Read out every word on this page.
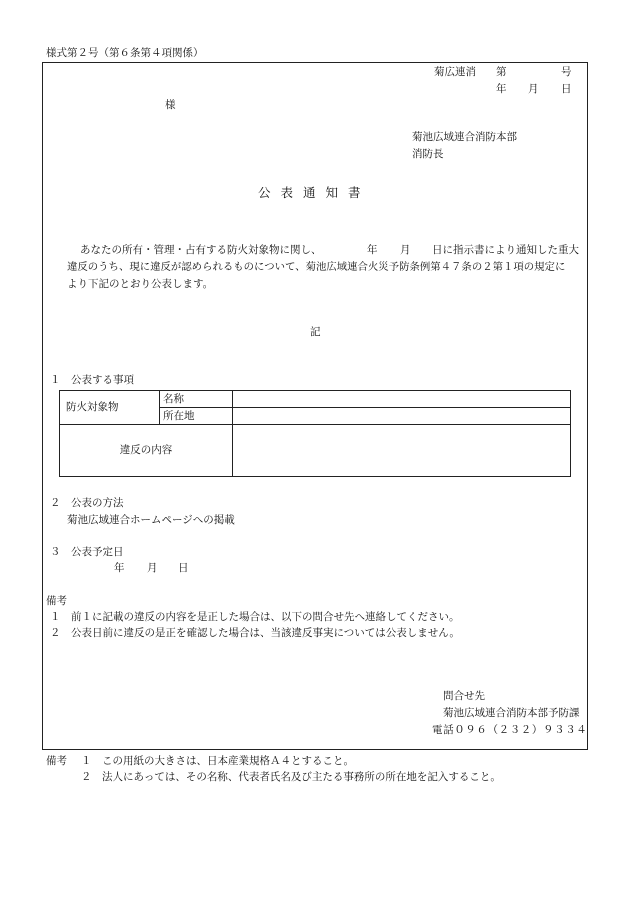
様式第２号（第６条第４項関係）
菊広連消 第	号
年 月 日
様
菊池広域連合消防本部
消防長
公表通知書
あなたの所有・管理・占有する防火対象物に関し、	年 月 日に指示書により通知した重大
違反のうち、現に違反が認められるものについて、菊池広域連合火災予防条例第４７条の２第１項の規定に
より下記のとおり公表します。
記
１　公表する事項
防火対象物	名称	
	所在地	
違反の内容		
２　公表の方法
菊池広域連合ホームページへの掲載
３　公表予定日
年 月 日
備考
１　前１に記載の違反の内容を是正した場合は、以下の問合せ先へ連絡してください。
２　公表日前に違反の是正を確認した場合は、当該違反事実については公表しません。
問合せ先
菊池広域連合消防本部予防課
電話０９６（２３２）９３３４
備考 １　この用紙の大きさは、日本産業規格Ａ４とすること。
２　法人にあっては、その名称、代表者氏名及び主たる事務所の所在地を記入すること。
